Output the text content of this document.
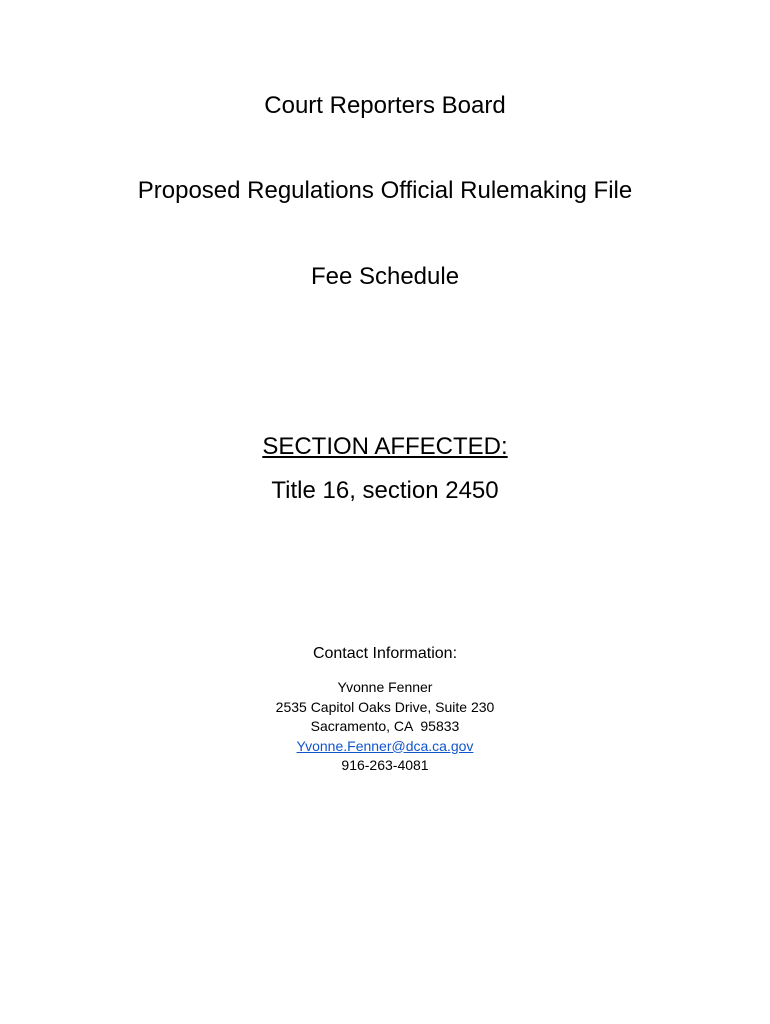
Court Reporters Board
Proposed Regulations Official Rulemaking File
Fee Schedule
SECTION AFFECTED:
Title 16, section 2450
Contact Information:
Yvonne Fenner
2535 Capitol Oaks Drive, Suite 230
Sacramento, CA  95833
Yvonne.Fenner@dca.ca.gov
916-263-4081
